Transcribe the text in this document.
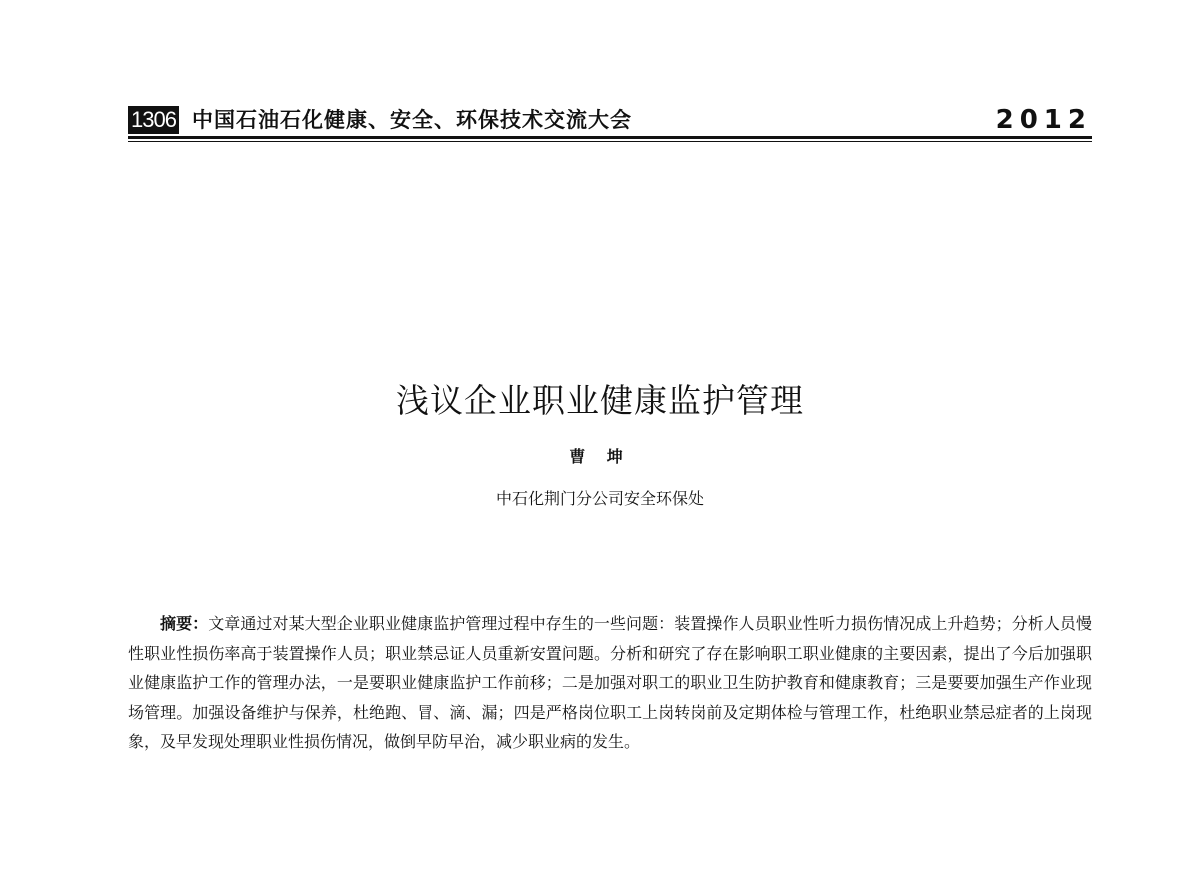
1306 中国石油石化健康、安全、环保技术交流大会	2012
浅议企业职业健康监护管理
曹 坤
中石化荆门分公司安全环保处

摘要：文章通过对某大型企业职业健康监护管理过程中存生的一些问题：装置操作人员职业性听力损伤情况成上升趋势；分析人员慢性职业性损伤率高于装置操作人员；职业禁忌证人员重新安置问题。分析和研究了存在影响职工职业健康的主要因素，提出了今后加强职业健康监护工作的管理办法，一是要职业健康监护工作前移；二是加强对职工的职业卫生防护教育和健康教育；三是要要加强生产作业现场管理。加强设备维护与保养，杜绝跑、冒、滴、漏；四是严格岗位职工上岗转岗前及定期体检与管理工作，杜绝职业禁忌症者的上岗现象，及早发现处理职业性损伤情况，做倒早防早治，减少职业病的发生。
